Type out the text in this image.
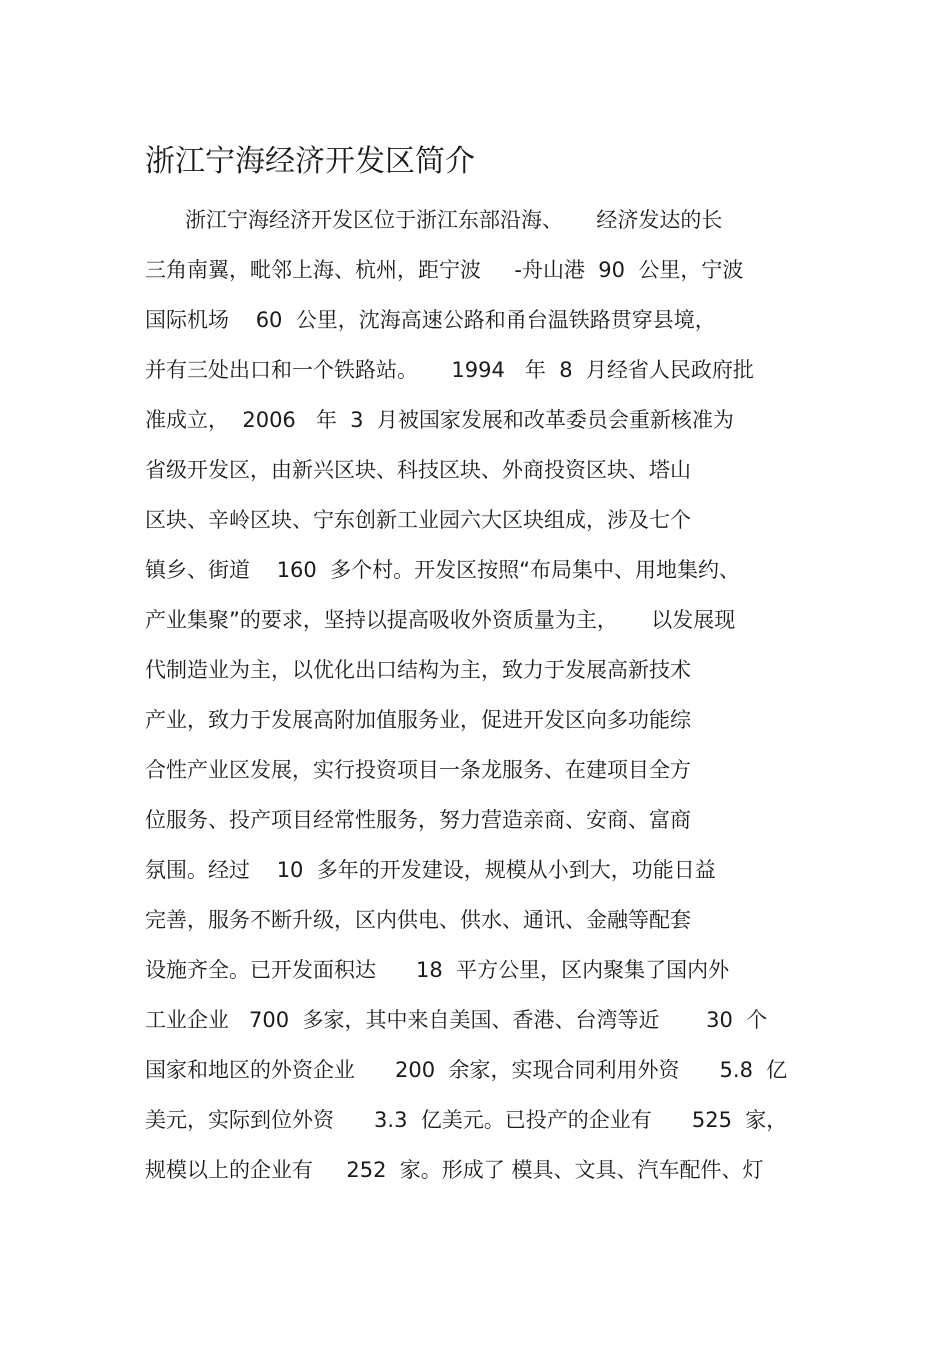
浙江宁海经济开发区简介
浙江宁海经济开发区位于浙江东部沿海、     经济发达的长
三角南翼，毗邻上海、杭州，距宁波     -舟山港  90  公里，宁波
国际机场    60  公里，沈海高速公路和甬台温铁路贯穿县境，
并有三处出口和一个铁路站。     1994   年  8  月经省人民政府批
准成立，  2006   年  3  月被国家发展和改革委员会重新核准为
省级开发区，由新兴区块、科技区块、外商投资区块、塔山
区块、辛岭区块、宁东创新工业园六大区块组成，涉及七个
镇乡、街道    160  多个村。开发区按照“布局集中、用地集约、
产业集聚”的要求，坚持以提高吸收外资质量为主，     以发展现
代制造业为主，以优化出口结构为主，致力于发展高新技术
产业，致力于发展高附加值服务业，促进开发区向多功能综
合性产业区发展，实行投资项目一条龙服务、在建项目全方
位服务、投产项目经常性服务，努力营造亲商、安商、富商
氛围。经过    10  多年的开发建设，规模从小到大，功能日益
完善，服务不断升级，区内供电、供水、通讯、金融等配套
设施齐全。已开发面积达      18  平方公里，区内聚集了国内外
工业企业   700  多家，其中来自美国、香港、台湾等近       30  个
国家和地区的外资企业      200  余家，实现合同利用外资      5.8  亿
美元，实际到位外资      3.3  亿美元。已投产的企业有      525  家，
规模以上的企业有     252  家。形成了 模具、文具、汽车配件、灯
